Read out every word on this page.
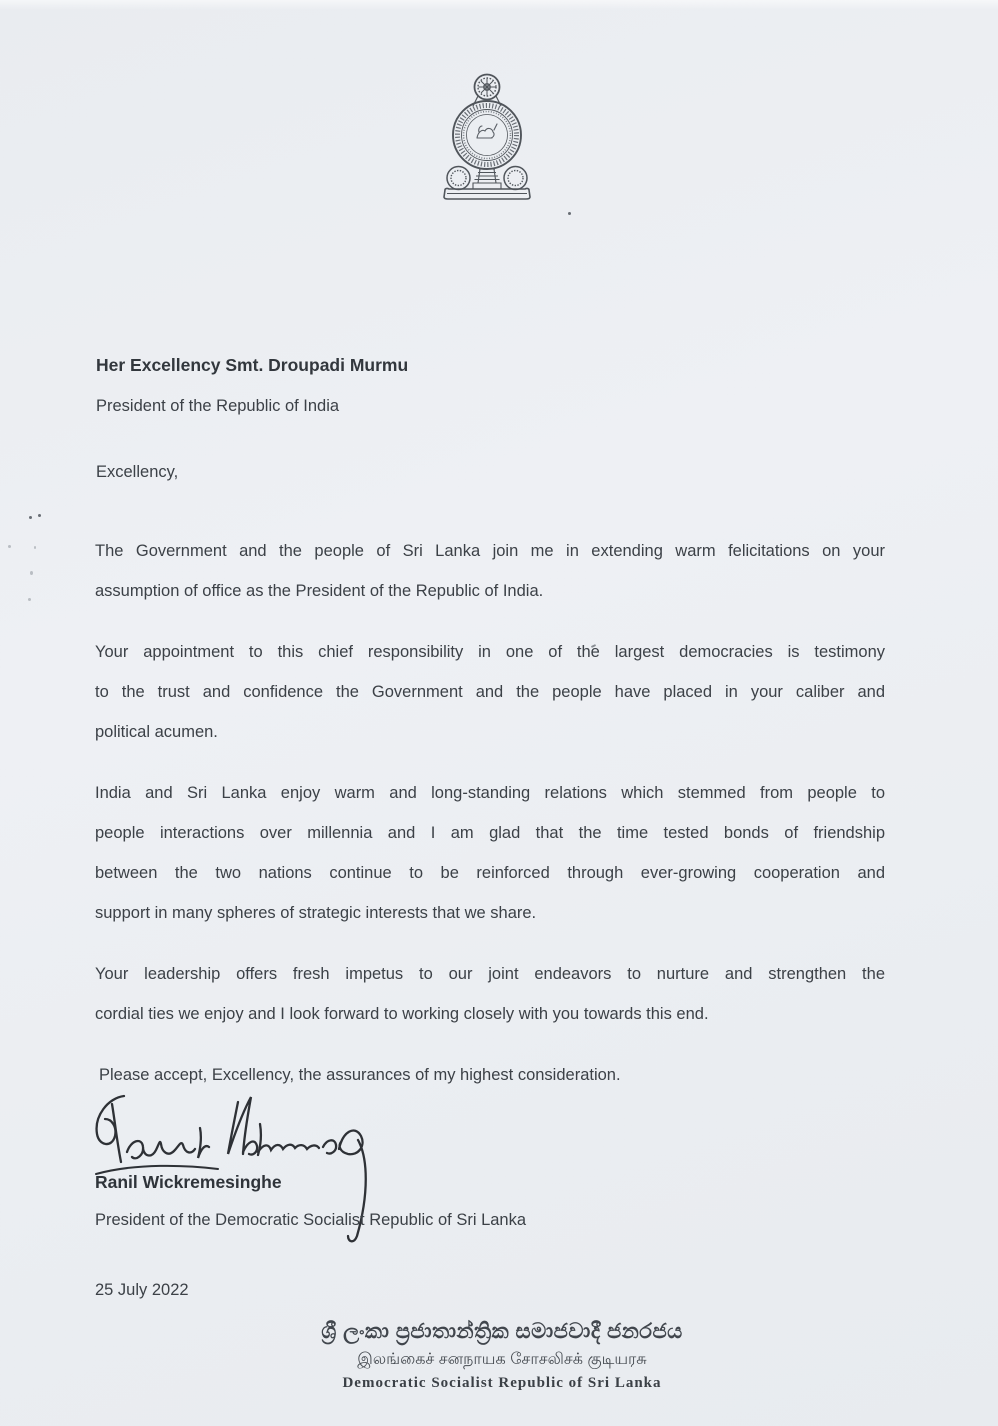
Her Excellency Smt. Droupadi Murmu
President of the Republic of India
Excellency,
The Government and the people of Sri Lanka join me in extending warm felicitations on your
assumption of office as the President of the Republic of India.
Your appointment to this chief responsibility in one of the largest democracies is testimony
to the trust and confidence the Government and the people have placed in your caliber and
political acumen.
India and Sri Lanka enjoy warm and long-standing relations which stemmed from people to
people interactions over millennia and I am glad that the time tested bonds of friendship
between the two nations continue to be reinforced through ever-growing cooperation and
support in many spheres of strategic interests that we share.
Your leadership offers fresh impetus to our joint endeavors to nurture and strengthen the
cordial ties we enjoy and I look forward to working closely with you towards this end.
Please accept, Excellency, the assurances of my highest consideration.
Ranil Wickremesinghe
President of the Democratic Socialist Republic of Sri Lanka
25 July 2022
ශ්‍රී ලංකා ප්‍රජාතාන්ත්‍රික සමාජවාදී ජනරජය
இலங்கைச் சனநாயக சோசலிசக் குடியரசு
Democratic Socialist Republic of Sri Lanka
